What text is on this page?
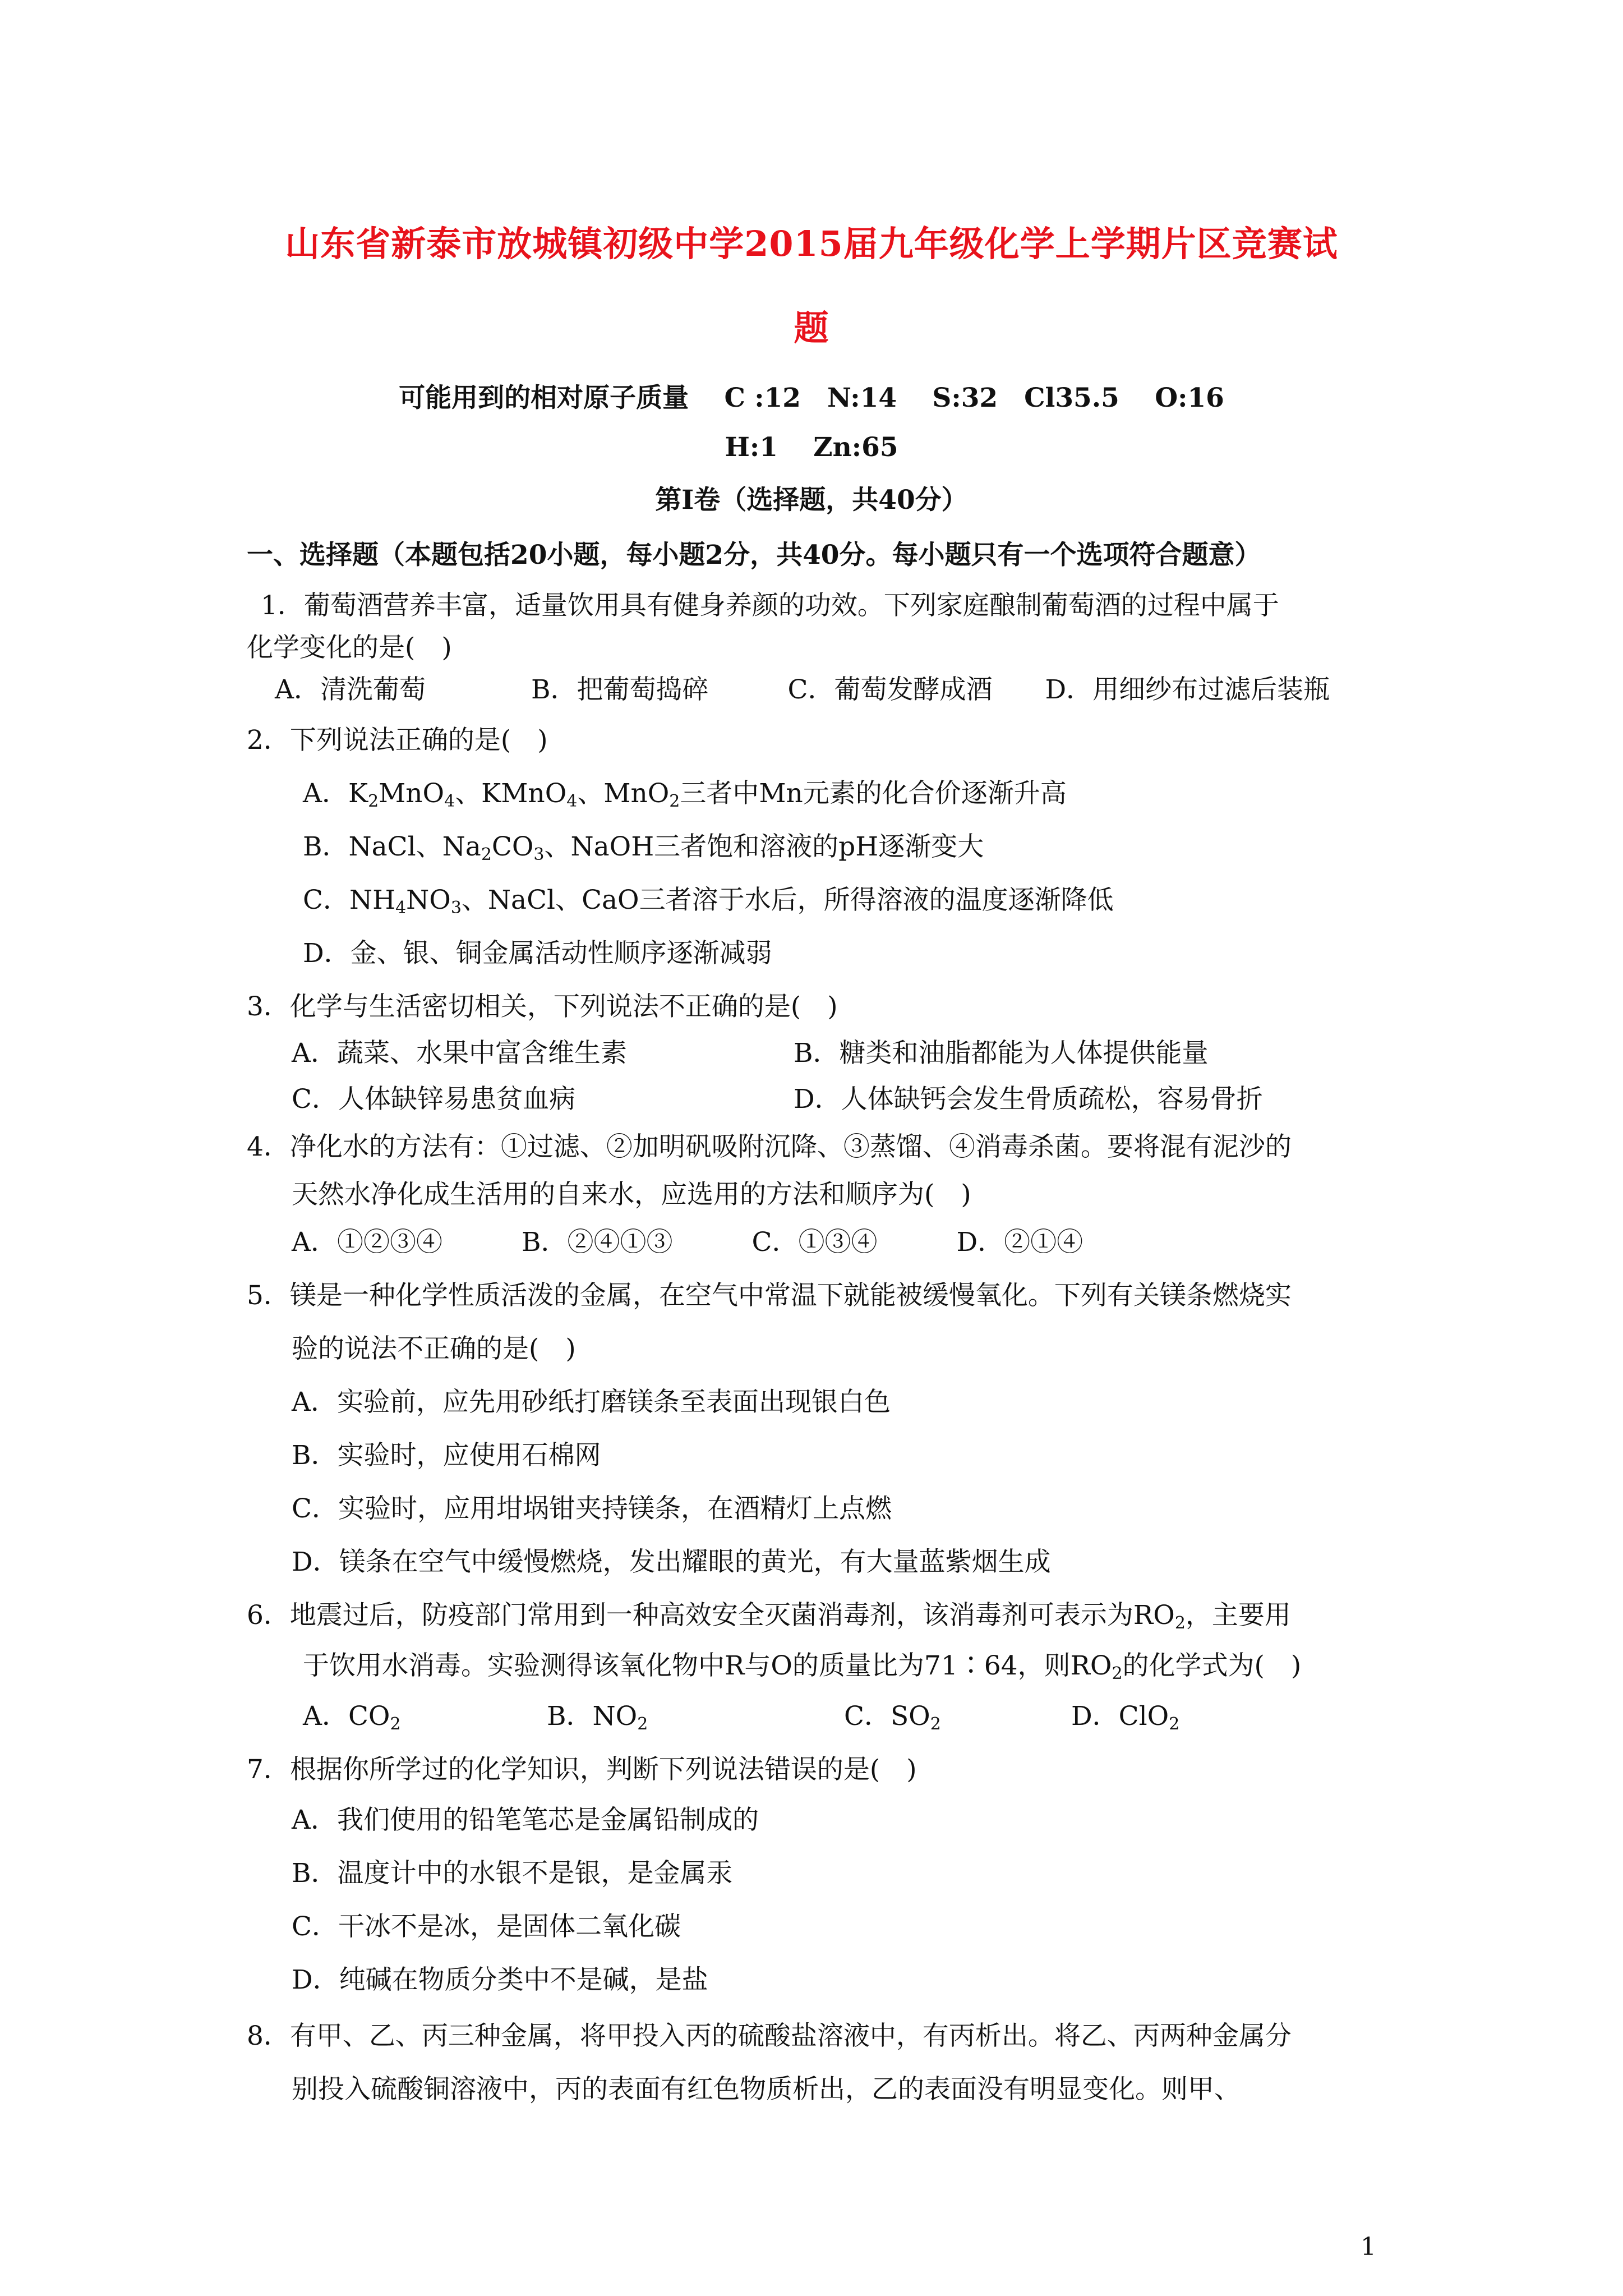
山东省新泰市放城镇初级中学2015届九年级化学上学期片区竞赛试
题
可能用到的相对原子质量　 C :12　N:14　 S:32　Cl35.5　 O:16
H:1　 Zn:65
第Ⅰ卷（选择题，共40分）
一、选择题（本题包括20小题，每小题2分，共40分。每小题只有一个选项符合题意）
1．葡萄酒营养丰富，适量饮用具有健身养颜的功效。下列家庭酿制葡萄酒的过程中属于
化学变化的是(　)
A．清洗葡萄　　　　B．把葡萄捣碎　　　C．葡萄发酵成酒　　D．用细纱布过滤后装瓶
2．下列说法正确的是(　)
A．$K_2MnO_4$、KMnO$_4$、MnO$_2$三者中Mn元素的化合价逐渐升高
B．NaCl、$Na_2CO_3$、NaOH三者饱和溶液的pH逐渐变大
C．$NH_4NO_3$、NaCl、CaO三者溶于水后，所得溶液的温度逐渐降低
D．金、银、铜金属活动性顺序逐渐减弱
3．化学与生活密切相关，下列说法不正确的是(　)
A．蔬菜、水果中富含维生素	B．糖类和油脂都能为人体提供能量
C．人体缺锌易患贫血病	D．人体缺钙会发生骨质疏松，容易骨折
4．净化水的方法有：①过滤、②加明矾吸附沉降、③蒸馏、④消毒杀菌。要将混有泥沙的
天然水净化成生活用的自来水，应选用的方法和顺序为(　)
A．①②③④　　　B．②④①③　　　C．①③④　　　D．②①④
5．镁是一种化学性质活泼的金属，在空气中常温下就能被缓慢氧化。下列有关镁条燃烧实
验的说法不正确的是(　)
A．实验前，应先用砂纸打磨镁条至表面出现银白色
B．实验时，应使用石棉网
C．实验时，应用坩埚钳夹持镁条，在酒精灯上点燃
D．镁条在空气中缓慢燃烧，发出耀眼的黄光，有大量蓝紫烟生成
6．地震过后，防疫部门常用到一种高效安全灭菌消毒剂，该消毒剂可表示为$RO_2$，主要用
于饮用水消毒。实验测得该氧化物中R与O的质量比为71∶64，则$RO_2$的化学式为(　)
A．$CO_2$	B．$NO_2$	C．$SO_2$	D．ClO$_2$
7．根据你所学过的化学知识，判断下列说法错误的是(　)
A．我们使用的铅笔笔芯是金属铅制成的
B．温度计中的水银不是银，是金属汞
C．干冰不是冰，是固体二氧化碳
D．纯碱在物质分类中不是碱，是盐
8．有甲、乙、丙三种金属，将甲投入丙的硫酸盐溶液中，有丙析出。将乙、丙两种金属分
别投入硫酸铜溶液中，丙的表面有红色物质析出，乙的表面没有明显变化。则甲、
1
